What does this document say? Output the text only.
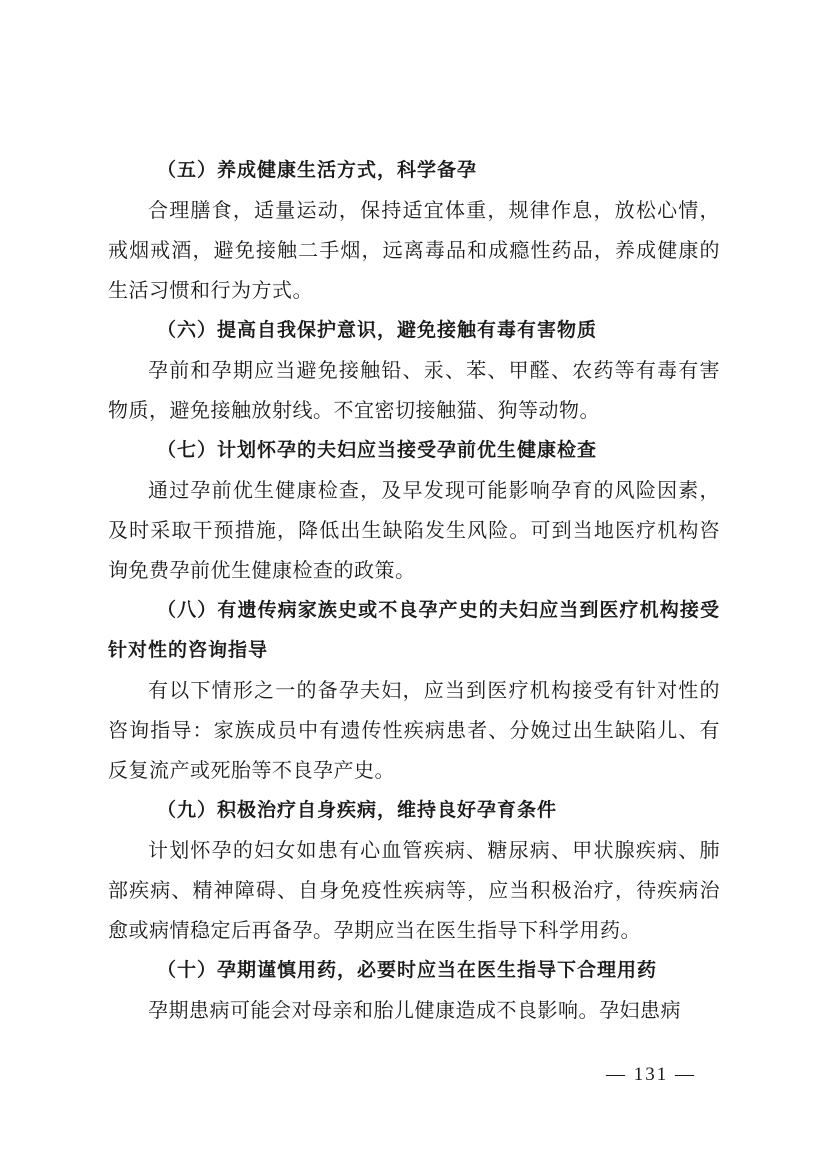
（五）养成健康生活方式，科学备孕

合理膳食，适量运动，保持适宜体重，规律作息，放松心情，戒烟戒酒，避免接触二手烟，远离毒品和成瘾性药品，养成健康的生活习惯和行为方式。

（六）提高自我保护意识，避免接触有毒有害物质

孕前和孕期应当避免接触铅、汞、苯、甲醛、农药等有毒有害物质，避免接触放射线。不宜密切接触猫、狗等动物。

（七）计划怀孕的夫妇应当接受孕前优生健康检查

通过孕前优生健康检查，及早发现可能影响孕育的风险因素，及时采取干预措施，降低出生缺陷发生风险。可到当地医疗机构咨询免费孕前优生健康检查的政策。

（八）有遗传病家族史或不良孕产史的夫妇应当到医疗机构接受针对性的咨询指导

有以下情形之一的备孕夫妇，应当到医疗机构接受有针对性的咨询指导：家族成员中有遗传性疾病患者、分娩过出生缺陷儿、有反复流产或死胎等不良孕产史。

（九）积极治疗自身疾病，维持良好孕育条件

计划怀孕的妇女如患有心血管疾病、糖尿病、甲状腺疾病、肺部疾病、精神障碍、自身免疫性疾病等，应当积极治疗，待疾病治愈或病情稳定后再备孕。孕期应当在医生指导下科学用药。

（十）孕期谨慎用药，必要时应当在医生指导下合理用药

孕期患病可能会对母亲和胎儿健康造成不良影响。孕妇患病

— 131 —
